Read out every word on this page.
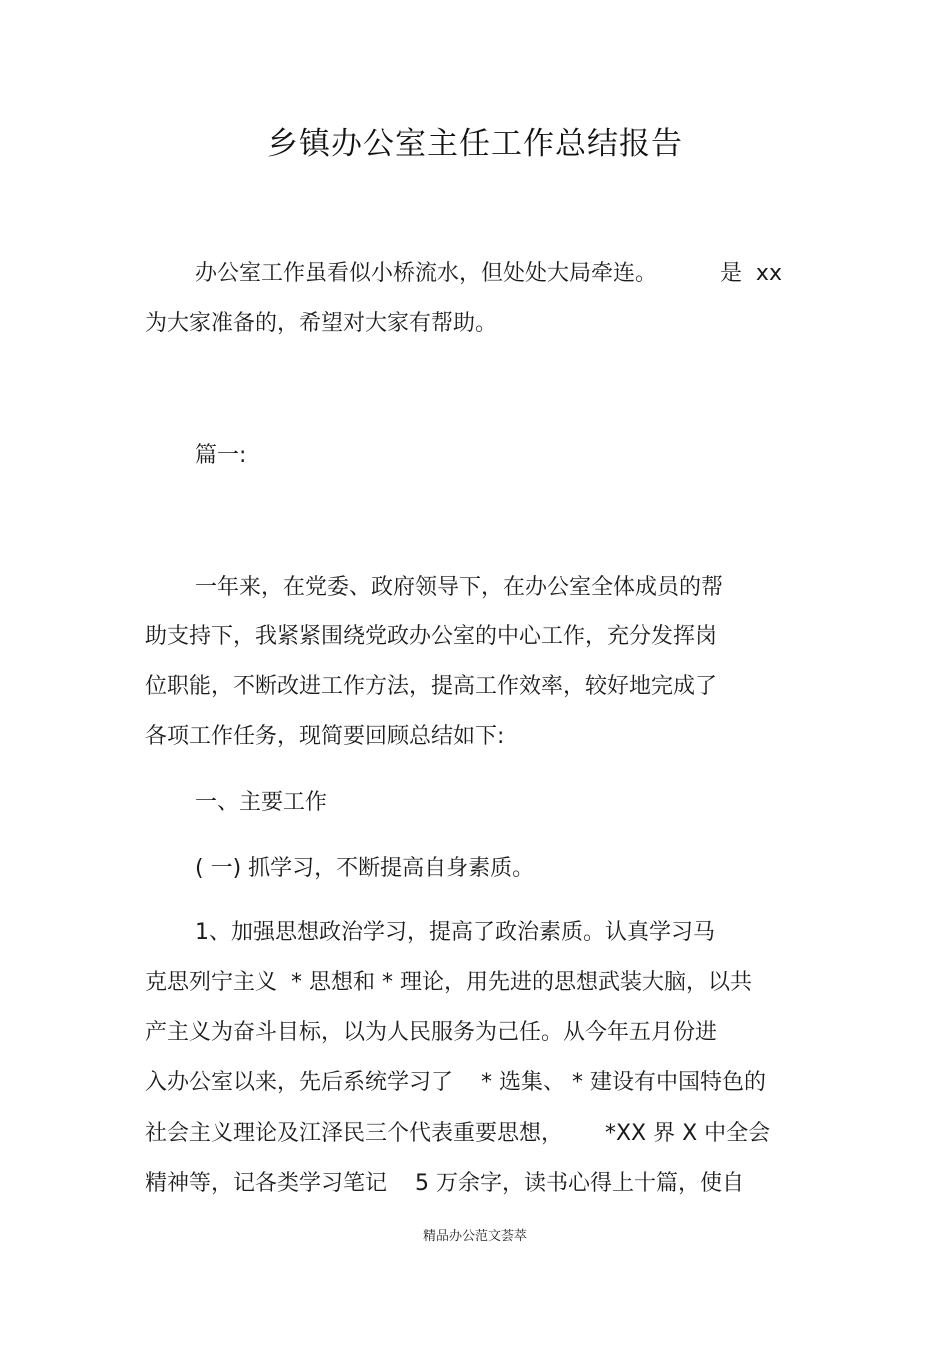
乡镇办公室主任工作总结报告
办公室工作虽看似小桥流水，但处处大局牵连。         是  xx
为大家准备的，希望对大家有帮助。
篇一:
一年来，在党委、政府领导下，在办公室全体成员的帮
助支持下，我紧紧围绕党政办公室的中心工作，充分发挥岗
位职能，不断改进工作方法，提高工作效率，较好地完成了
各项工作任务，现简要回顾总结如下:
一、主要工作
( 一) 抓学习，不断提高自身素质。
1、加强思想政治学习，提高了政治素质。认真学习马
克思列宁主义  * 思想和 * 理论，用先进的思想武装大脑，以共
产主义为奋斗目标，以为人民服务为己任。从今年五月份进
入办公室以来，先后系统学习了    * 选集、 * 建设有中国特色的
社会主义理论及江泽民三个代表重要思想，      *XX 界 X 中全会
精神等，记各类学习笔记    5 万余字，读书心得上十篇，使自
精品办公范文荟萃
